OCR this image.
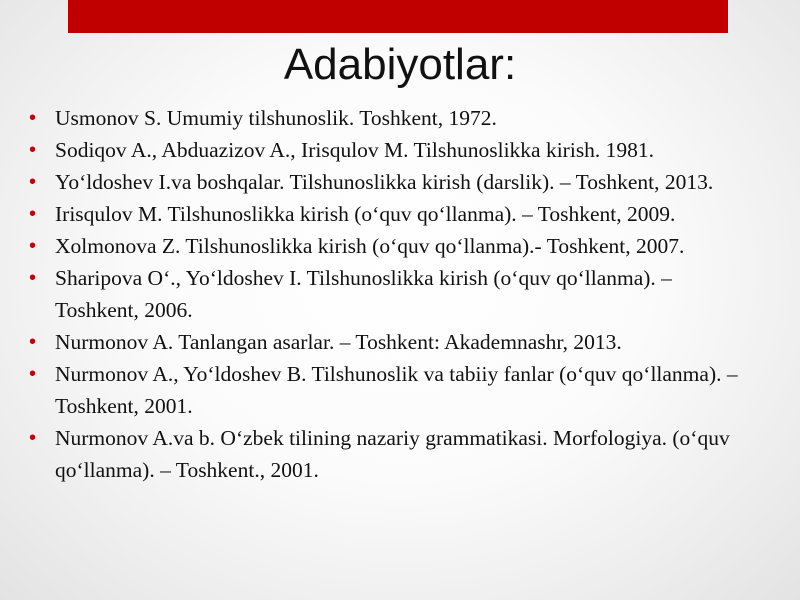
Adabiyotlar:
• Usmonov S. Umumiy tilshunoslik. Toshkent, 1972.
• Sodiqov A., Abduazizov A., Irisqulov M. Tilshunoslikka kirish. 1981.
• Yo‘ldoshev I.va boshqalar. Tilshunoslikka kirish (darslik). – Toshkent, 2013.
• Irisqulov M. Tilshunoslikka kirish (o‘quv qo‘llanma). – Toshkent, 2009.
• Xolmonova Z. Tilshunoslikka kirish (o‘quv qo‘llanma).- Toshkent, 2007.
• Sharipova O‘., Yo‘ldoshev I. Tilshunoslikka kirish (o‘quv qo‘llanma). – Toshkent, 2006.
• Nurmonov A. Tanlangan asarlar. – Toshkent: Akademnashr, 2013.
• Nurmonov A., Yo‘ldoshev B. Tilshunoslik va tabiiy fanlar (o‘quv qo‘llanma). – Toshkent, 2001.
• Nurmonov A.va b. O‘zbek tilining nazariy grammatikasi. Morfologiya. (o‘quv qo‘llanma). – Toshkent., 2001.
